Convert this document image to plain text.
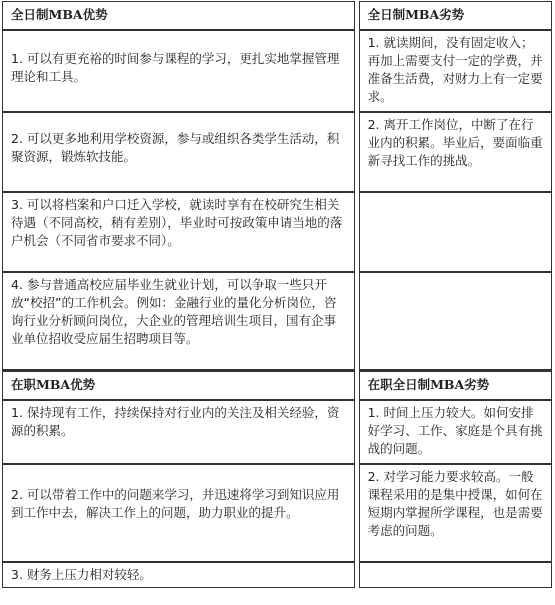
全日制MBA优势		全日制MBA劣势

1. 可以有更充裕的时间参与课程的学习，更扎实地掌握管理理论和工具。		1. 就读期间，没有固定收入；再加上需要支付一定的学费，并准备生活费，对财力上有一定要求。

2. 可以更多地利用学校资源，参与或组织各类学生活动，积聚资源，锻炼软技能。		2. 离开工作岗位，中断了在行业内的积累。毕业后，要面临重新寻找工作的挑战。

3. 可以将档案和户口迁入学校，就读时享有在校研究生相关待遇（不同高校，稍有差别），毕业时可按政策申请当地的落户机会（不同省市要求不同）。		

4. 参与普通高校应届毕业生就业计划，可以争取一些只开放“校招”的工作机会。例如：金融行业的量化分析岗位，咨询行业分析顾问岗位，大企业的管理培训生项目，国有企事业单位招收受应届生招聘项目等。		

在职MBA优势		在职全日制MBA劣势

1. 保持现有工作，持续保持对行业内的关注及相关经验，资源的积累。		1. 时间上压力较大。如何安排好学习、工作、家庭是个具有挑战的问题。

2. 可以带着工作中的问题来学习，并迅速将学习到知识应用到工作中去，解决工作上的问题，助力职业的提升。		2. 对学习能力要求较高。一般课程采用的是集中授课，如何在短期内掌握所学课程，也是需要考虑的问题。

3. 财务上压力相对较轻。		
